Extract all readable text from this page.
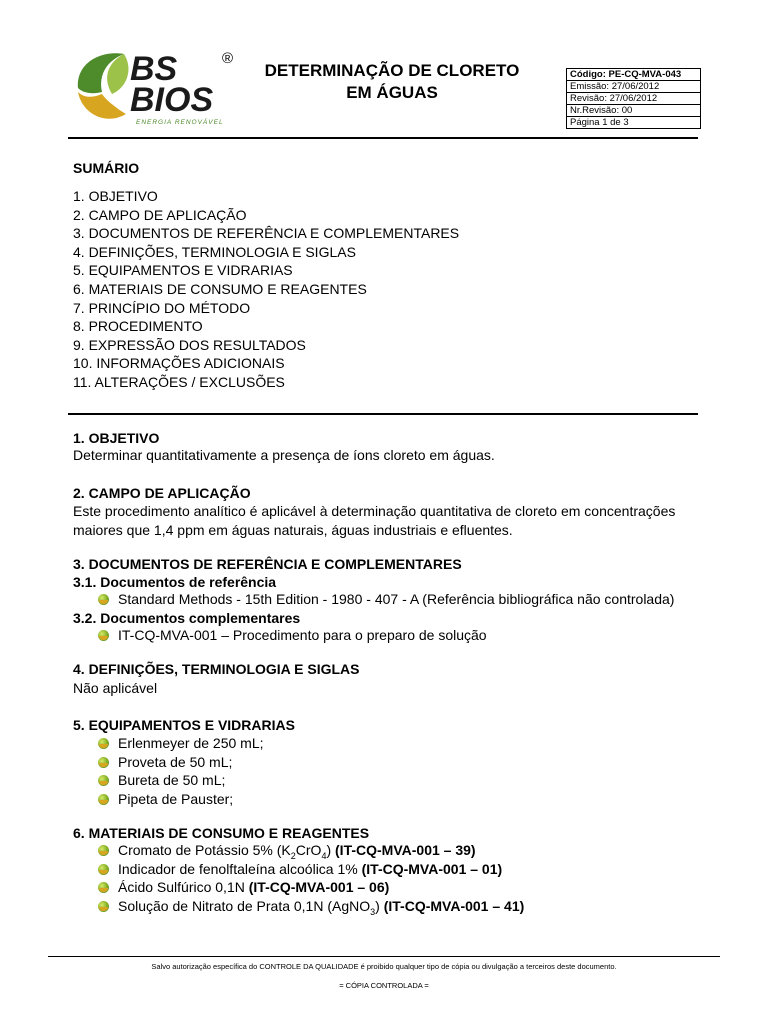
BS
BIOS
ENERGIA RENOVÁVEL
®
DETERMINAÇÃO DE CLORETO
EM ÁGUAS
Código: PE-CQ-MVA-043
Emissão: 27/06/2012
Revisão: 27/06/2012
Nr.Revisão: 00
Página 1 de 3
SUMÁRIO
1. OBJETIVO
2. CAMPO DE APLICAÇÃO
3. DOCUMENTOS DE REFERÊNCIA E COMPLEMENTARES
4. DEFINIÇÕES, TERMINOLOGIA E SIGLAS
5. EQUIPAMENTOS E VIDRARIAS
6. MATERIAIS DE CONSUMO E REAGENTES
7. PRINCÍPIO DO MÉTODO
8. PROCEDIMENTO
9. EXPRESSÃO DOS RESULTADOS
10. INFORMAÇÕES ADICIONAIS
11. ALTERAÇÕES / EXCLUSÕES
1. OBJETIVO
Determinar quantitativamente a presença de íons cloreto em águas.
2. CAMPO DE APLICAÇÃO
Este procedimento analítico é aplicável à determinação quantitativa de cloreto em concentrações
maiores que 1,4 ppm em águas naturais, águas industriais e efluentes.
3. DOCUMENTOS DE REFERÊNCIA E COMPLEMENTARES
3.1. Documentos de referência
Standard Methods - 15th Edition - 1980 - 407 - A (Referência bibliográfica não controlada)
3.2. Documentos complementares
IT-CQ-MVA-001 – Procedimento para o preparo de solução
4. DEFINIÇÕES, TERMINOLOGIA E SIGLAS
Não aplicável
5. EQUIPAMENTOS E VIDRARIAS
Erlenmeyer de 250 mL;
Proveta de 50 mL;
Bureta de 50 mL;
Pipeta de Pauster;
6. MATERIAIS DE CONSUMO E REAGENTES
Cromato de Potássio 5% $(K_2CrO_4)$ (IT-CQ-MVA-001 – 39)
Indicador de fenolftaleína alcoólica 1% (IT-CQ-MVA-001 – 01)
Ácido Sulfúrico 0,1N (IT-CQ-MVA-001 – 06)
Solução de Nitrato de Prata 0,1N (AgNO$_3$) (IT-CQ-MVA-001 – 41)
Salvo autorização específica do CONTROLE DA QUALIDADE é proibido qualquer tipo de cópia ou divulgação a terceiros deste documento.
= CÓPIA CONTROLADA =
